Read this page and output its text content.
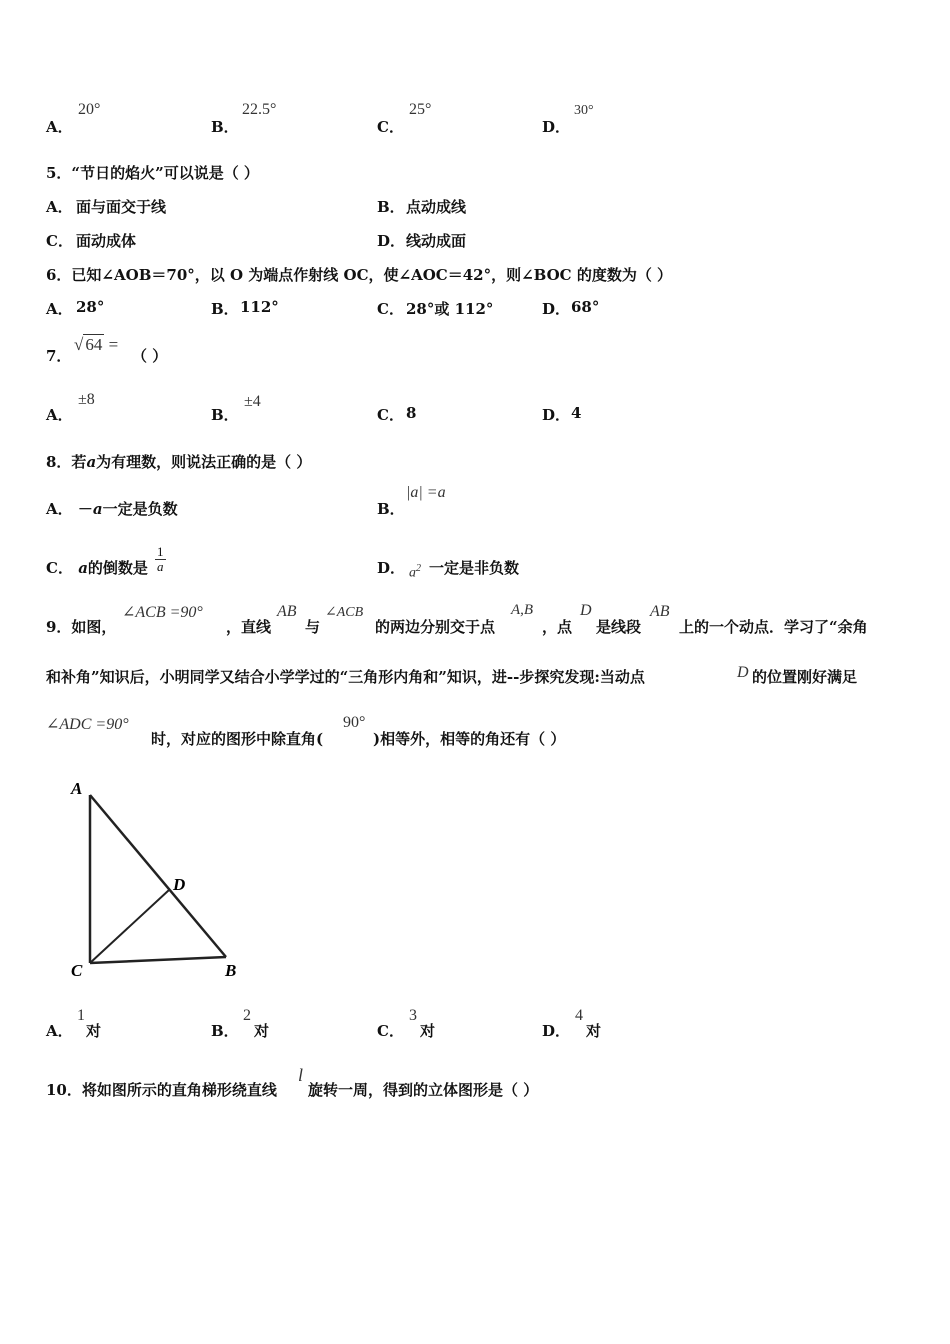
A．
20°
B．
22.5°
C．
25°
D．
30°
5．“节日的焰火”可以说是（ ）
A． 面与面交于线	B． 点动成线
C． 面动成体	D． 线动成面
6．已知∠AOB＝70°，以 O 为端点作射线 OC，使∠AOC＝42°，则∠BOC 的度数为（ ）
A． 28°	B． 112°	C． 28°或 112°	D． 68°
7．
√ 64 =
（ ）
A．
±8
B．
±4
C． 8	D． 4
8．若a为有理数，则说法正确的是（ ）
A． －a一定是负数	B．
|a| =a
C． a的倒数是 $\frac{1}{a}$	D． $a^2$ 一定是非负数
9．如图，
∠ACB =90°
，直线
AB
与
∠ACB
的两边分别交于点
A,B
，点
D
是线段
AB
上的一个动点．学习了“余角
和补角”知识后，小明同学又结合小学学过的“三角形内角和”知识，进--步探究发现:当动点	D 的位置刚好满足
∠ADC =90°
时，对应的图形中除直角(
90°
)相等外，相等的角还有（ ）
A
D
C	B
A．
1
对	B．
2
对	C．
3
对	D．
4
对
10．将如图所示的直角梯形绕直线
l
旋转一周，得到的立体图形是（ ）
